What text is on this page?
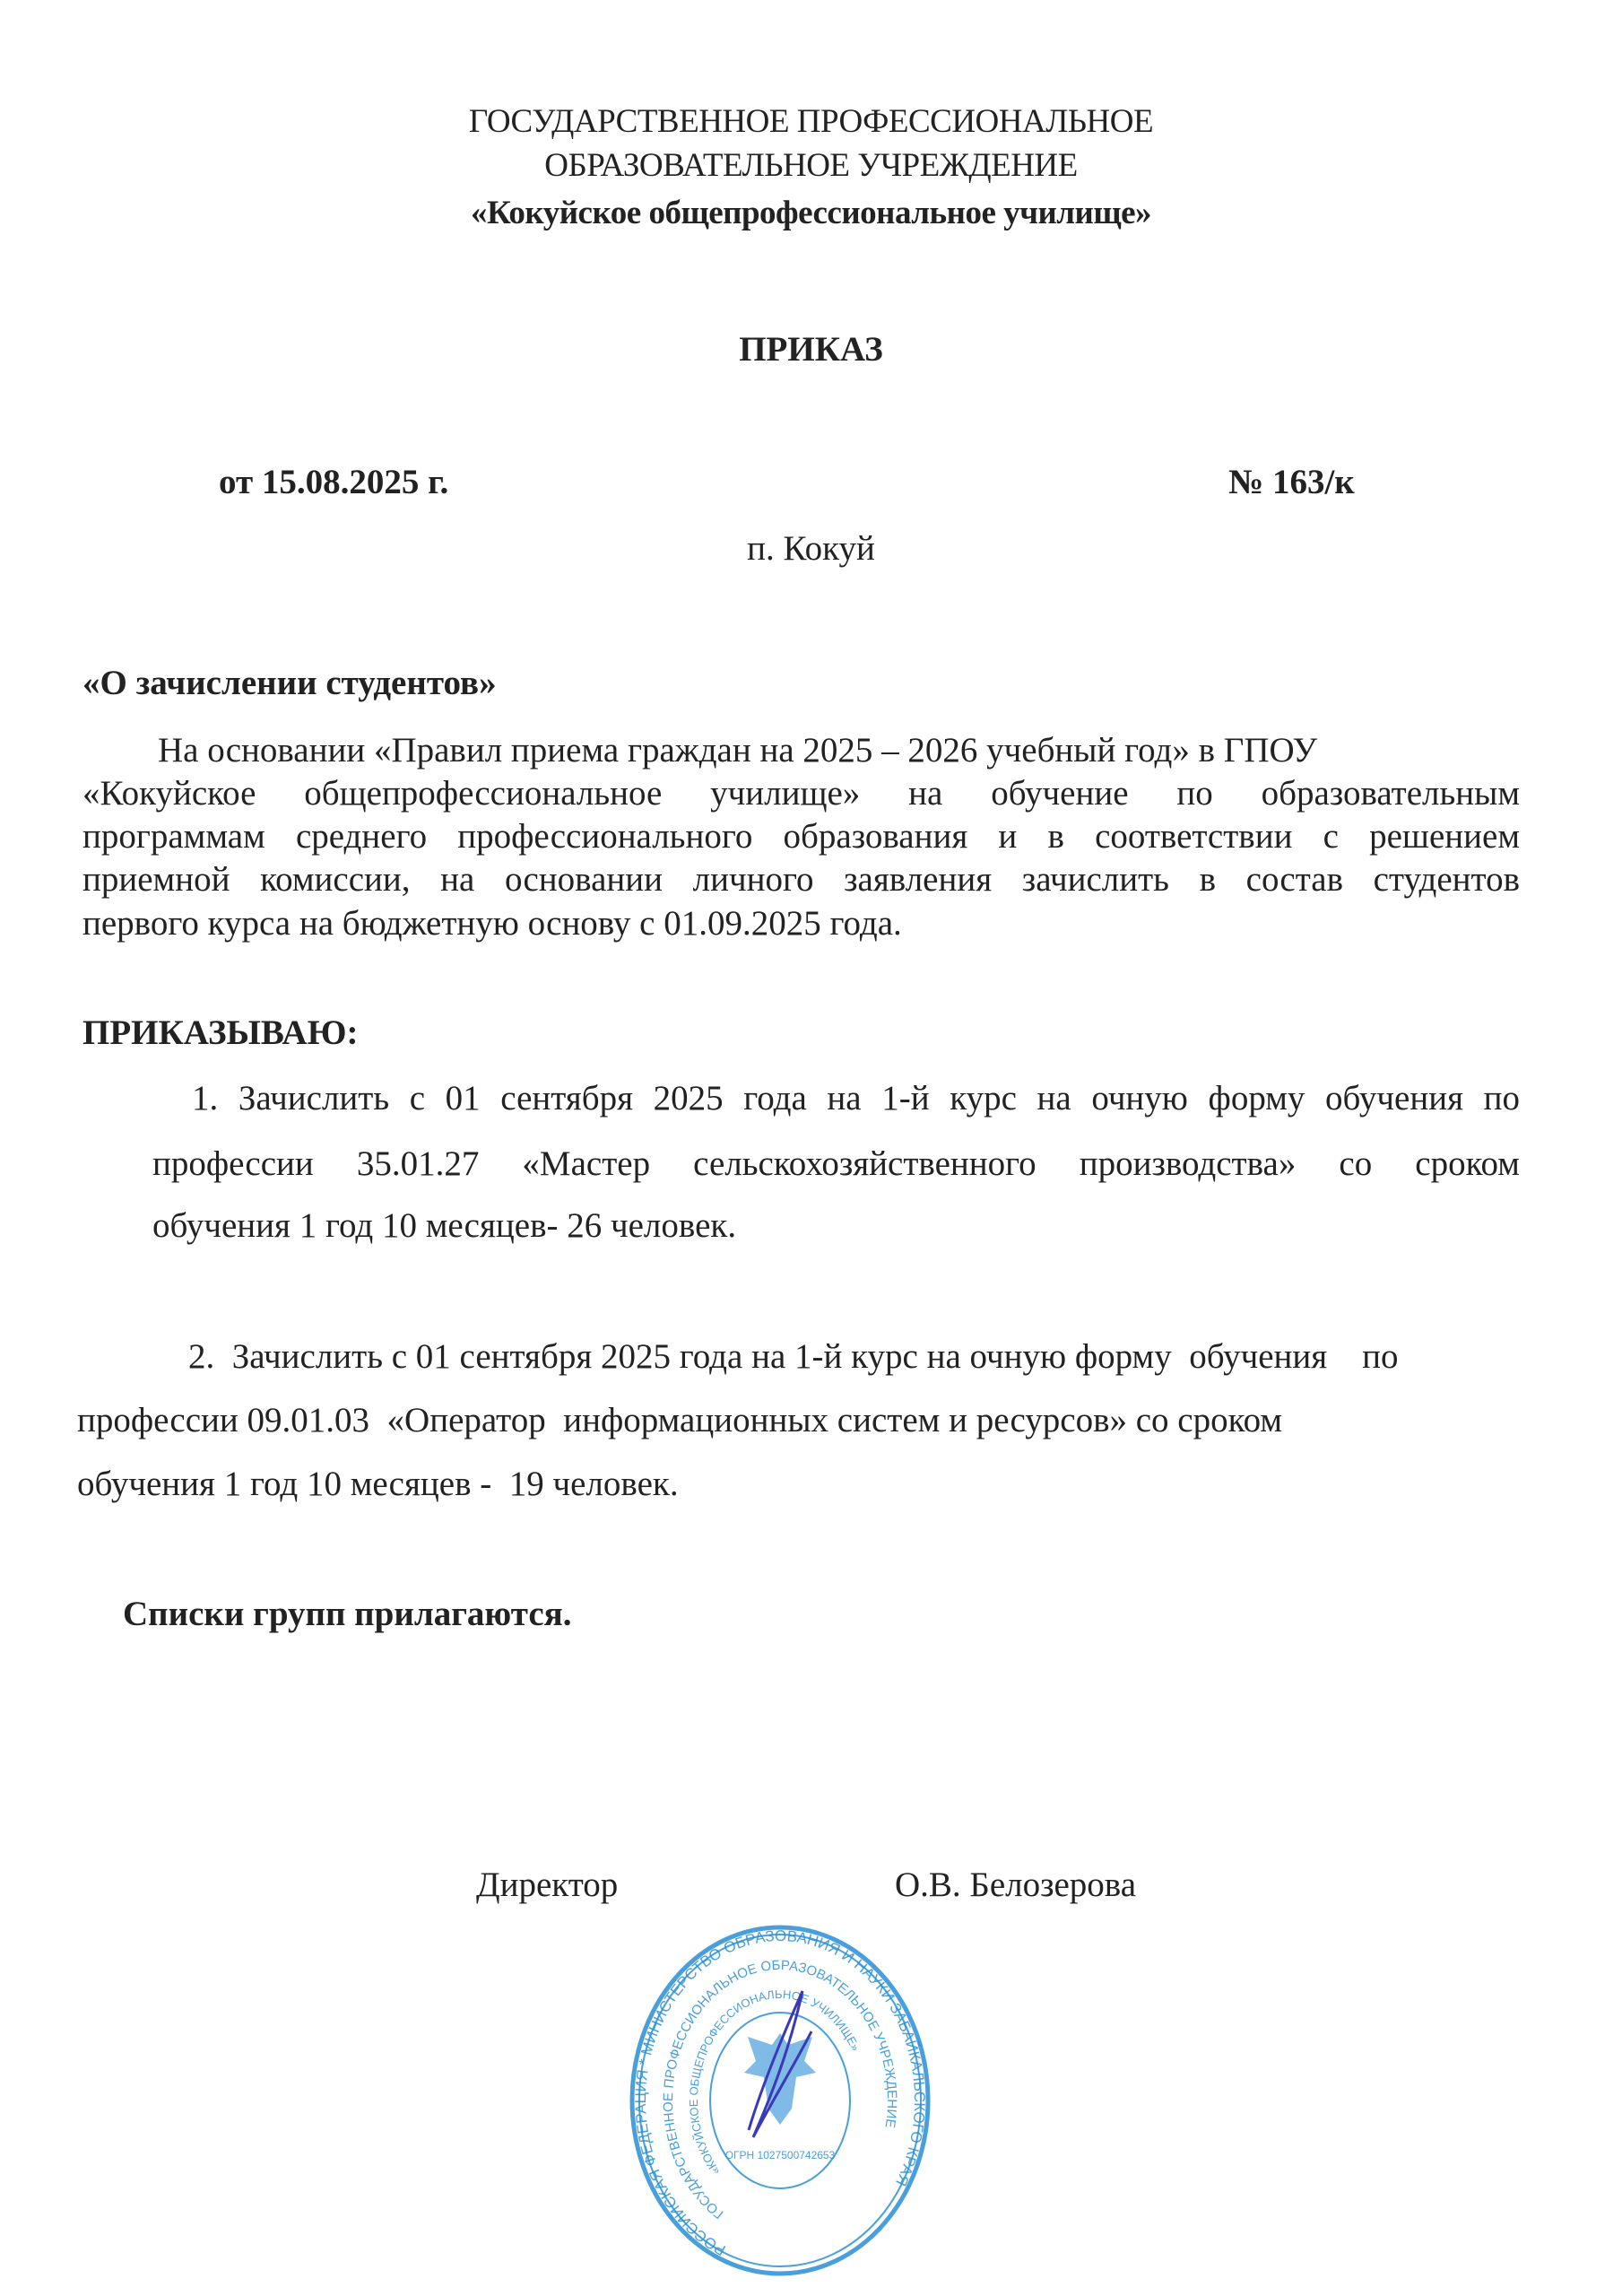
ГОСУДАРСТВЕННОЕ ПРОФЕССИОНАЛЬНОЕ
ОБРАЗОВАТЕЛЬНОЕ УЧРЕЖДЕНИЕ
«Кокуйское общепрофессиональное училище»
ПРИКАЗ
от 15.08.2025 г.	№ 163/к
п. Кокуй
«О зачислении студентов»
На основании «Правил приема граждан на 2025 – 2026 учебный год» в ГПОУ
«Кокуйское общепрофессиональное училище» на обучение по образовательным
программам среднего профессионального образования и в соответствии с решением
приемной комиссии, на основании личного заявления зачислить в состав студентов
первого курса на бюджетную основу с 01.09.2025 года.
ПРИКАЗЫВАЮ:
1. Зачислить с 01 сентября 2025 года на 1-й курс на очную форму обучения по
профессии 35.01.27 «Мастер сельскохозяйственного производства» со сроком
обучения 1 год 10 месяцев- 26 человек.
2.  Зачислить с 01 сентября 2025 года на 1-й курс на очную форму  обучения    по
профессии 09.01.03  «Оператор  информационных систем и ресурсов» со сроком
обучения 1 год 10 месяцев -  19 человек.
Списки групп прилагаются.
Директор	О.В. Белозерова
РОССИЙСКАЯ ФЕДЕРАЦИЯ * МИНИСТЕРСТВО ОБРАЗОВАНИЯ И НАУКИ ЗАБАЙКАЛЬСКОГО КРАЯ
ГОСУДАРСТВЕННОЕ ПРОФЕССИОНАЛЬНОЕ ОБРАЗОВАТЕЛЬНОЕ УЧРЕЖДЕНИЕ
«КОКУЙСКОЕ ОБЩЕПРОФЕССИОНАЛЬНОЕ УЧИЛИЩЕ»
ОГРН 1027500742653
